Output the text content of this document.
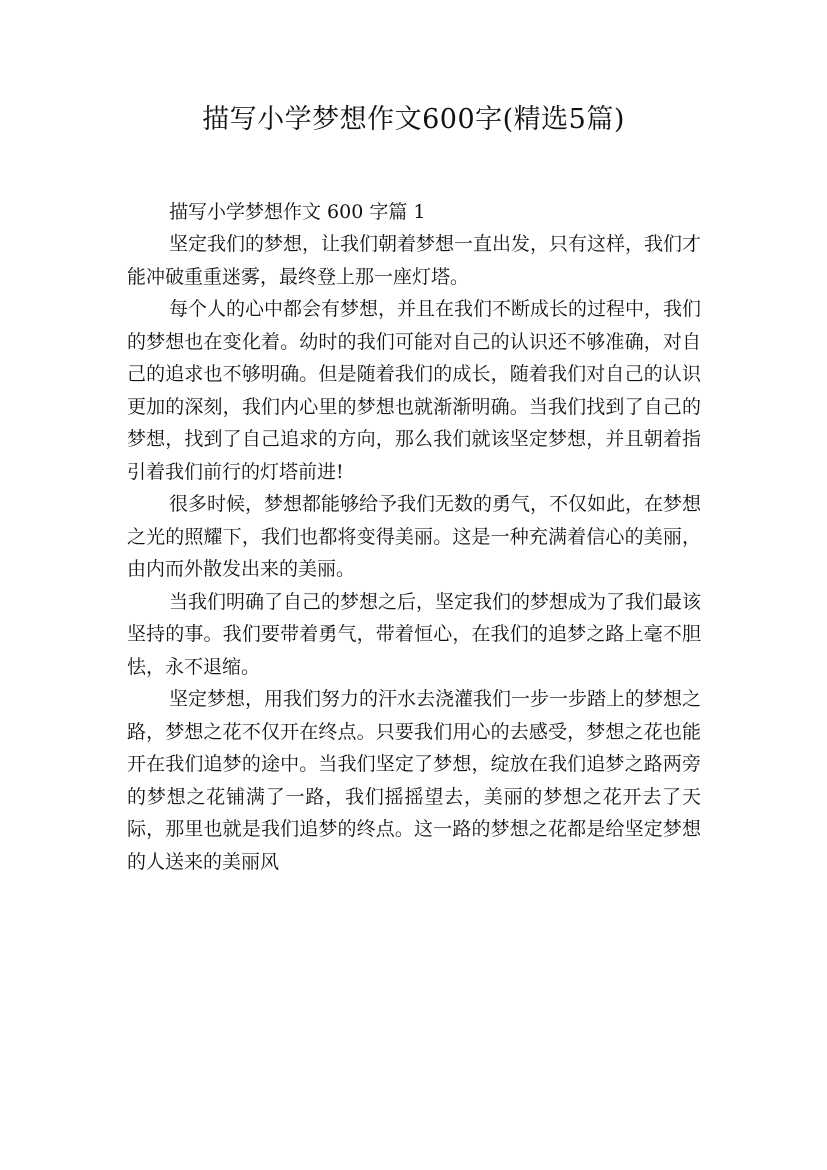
描写小学梦想作文600字(精选5篇)

描写小学梦想作文 600 字篇 1

坚定我们的梦想，让我们朝着梦想一直出发，只有这样，我们才能冲破重重迷雾，最终登上那一座灯塔。

每个人的心中都会有梦想，并且在我们不断成长的过程中，我们的梦想也在变化着。幼时的我们可能对自己的认识还不够准确，对自己的追求也不够明确。但是随着我们的成长，随着我们对自己的认识更加的深刻，我们内心里的梦想也就渐渐明确。当我们找到了自己的梦想，找到了自己追求的方向，那么我们就该坚定梦想，并且朝着指引着我们前行的灯塔前进!

很多时候，梦想都能够给予我们无数的勇气，不仅如此，在梦想之光的照耀下，我们也都将变得美丽。这是一种充满着信心的美丽，由内而外散发出来的美丽。

当我们明确了自己的梦想之后，坚定我们的梦想成为了我们最该坚持的事。我们要带着勇气，带着恒心，在我们的追梦之路上毫不胆怯，永不退缩。

坚定梦想，用我们努力的汗水去浇灌我们一步一步踏上的梦想之路，梦想之花不仅开在终点。只要我们用心的去感受，梦想之花也能开在我们追梦的途中。当我们坚定了梦想，绽放在我们追梦之路两旁的梦想之花铺满了一路，我们摇摇望去，美丽的梦想之花开去了天际，那里也就是我们追梦的终点。这一路的梦想之花都是给坚定梦想的人送来的美丽风
